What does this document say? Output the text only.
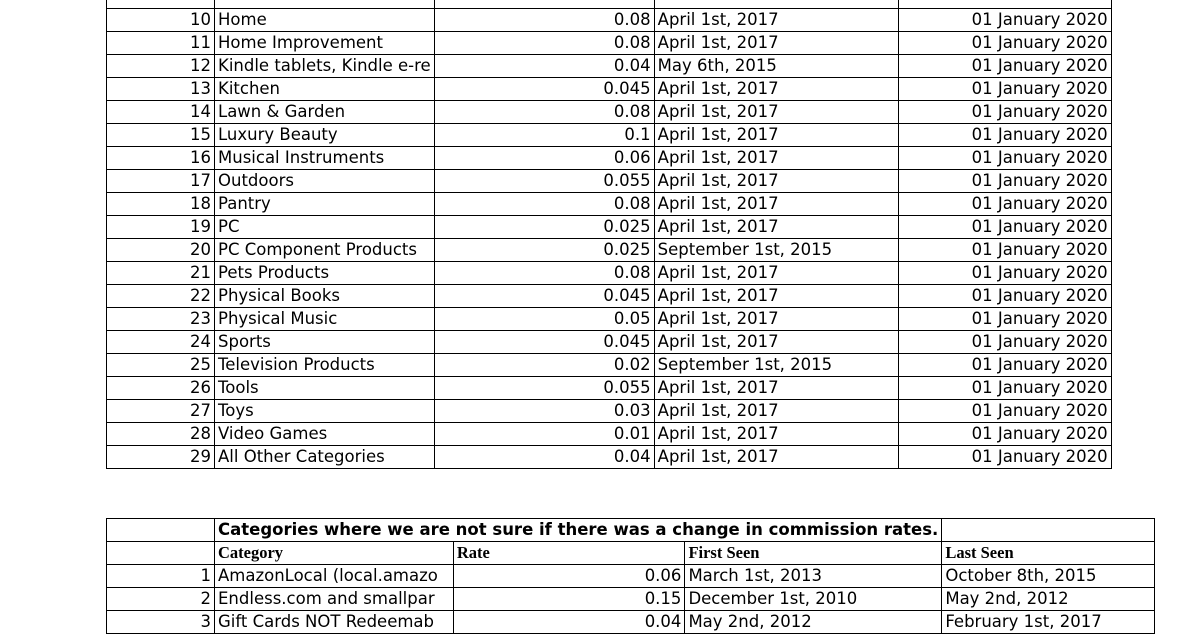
10	Home	0.08	April 1st, 2017	01 January 2020
11	Home Improvement	0.08	April 1st, 2017	01 January 2020
12	Kindle tablets, Kindle e-re	0.04	May 6th, 2015	01 January 2020
13	Kitchen	0.045	April 1st, 2017	01 January 2020
14	Lawn & Garden	0.08	April 1st, 2017	01 January 2020
15	Luxury Beauty	0.1	April 1st, 2017	01 January 2020
16	Musical Instruments	0.06	April 1st, 2017	01 January 2020
17	Outdoors	0.055	April 1st, 2017	01 January 2020
18	Pantry	0.08	April 1st, 2017	01 January 2020
19	PC	0.025	April 1st, 2017	01 January 2020
20	PC Component Products	0.025	September 1st, 2015	01 January 2020
21	Pets Products	0.08	April 1st, 2017	01 January 2020
22	Physical Books	0.045	April 1st, 2017	01 January 2020
23	Physical Music	0.05	April 1st, 2017	01 January 2020
24	Sports	0.045	April 1st, 2017	01 January 2020
25	Television Products	0.02	September 1st, 2015	01 January 2020
26	Tools	0.055	April 1st, 2017	01 January 2020
27	Toys	0.03	April 1st, 2017	01 January 2020
28	Video Games	0.01	April 1st, 2017	01 January 2020
29	All Other Categories	0.04	April 1st, 2017	01 January 2020
	Categories where we are not sure if there was a change in commission rates.			
	Category	Rate	First Seen	Last Seen
1	AmazonLocal (local.amazo	0.06	March 1st, 2013	October 8th, 2015
2	Endless.com and smallpar	0.15	December 1st, 2010	May 2nd, 2012
3	Gift Cards NOT Redeemab	0.04	May 2nd, 2012	February 1st, 2017
